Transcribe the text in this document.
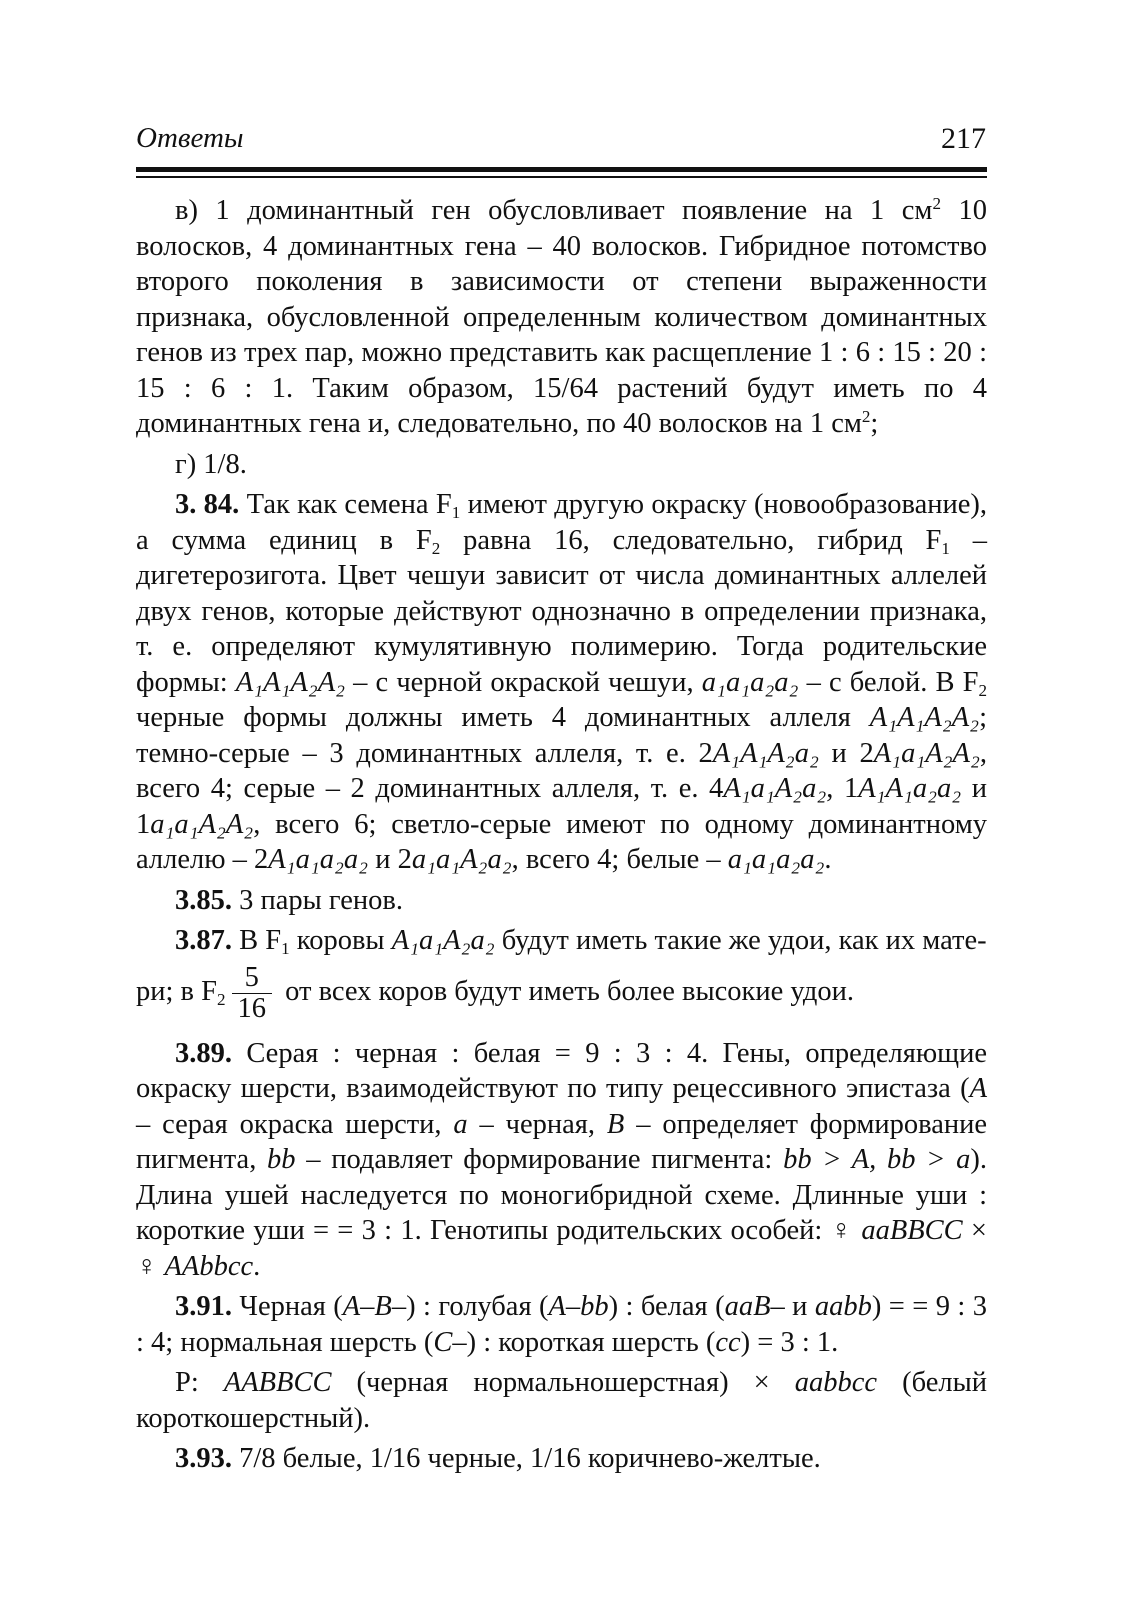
Ответы	217

в) 1 доминантный ген обусловливает появление на 1 $см^2$ 10 волосков, 4 доминантных гена – 40 волосков. Гибридное потомство второго поколения в зависимости от степени выраженности признака, обусловленной определенным количеством доминантных генов из трех пар, можно представить как расщепление 1 : 6 : 15 : 20 : 15 : 6 : 1. Таким образом, 15/64 растений будут иметь по 4 доминантных гена и, следовательно, по 40 волосков на 1 $см^2$;

г) 1/8.

3. 84. Так как семена $F_1$ имеют другую окраску (новообразование), а сумма единиц в $F_2$ равна 16, следовательно, гибрид $F_1$ – дигетерозигота. Цвет чешуи зависит от числа доминантных аллелей двух генов, которые действуют однозначно в определении признака, т. е. определяют кумулятивную полимерию. Тогда родительские формы: A₁A₁A₂A₂ – с черной окраской чешуи, a₁a₁a₂a₂ – с белой. В $F_2$ черные формы должны иметь 4 доминантных аллеля A₁A₁A₂A₂; темно-серые – 3 доминантных аллеля, т. е. 2A₁A₁A₂a₂ и 2A₁a₁A₂A₂, всего 4; серые – 2 доминантных аллеля, т. е. 4A₁a₁A₂a₂, 1A₁A₁a₂a₂ и 1a₁a₁A₂A₂, всего 6; светло-серые имеют по одному доминантному аллелю – 2A₁a₁a₂a₂ и 2a₁a₁A₂a₂, всего 4; белые – a₁a₁a₂a₂.

3.85. 3 пары генов.

3.87. В $F_1$ коровы A₁a₁A₂a₂ будут иметь такие же удои, как их мате-

ри; в $F_2 \frac{5}{16}$ от всех коров будут иметь более высокие удои.

3.89. Серая : черная : белая = 9 : 3 : 4. Гены, определяющие окраску шерсти, взаимодействуют по типу рецессивного эпистаза (A – серая окраска шерсти, a – черная, B – определяет формирование пигмента, bb – подавляет формирование пигмента: bb > A, bb > a). Длина ушей наследуется по моногибридной схеме. Длинные уши : короткие уши = = 3 : 1. Генотипы родительских особей: ♀ aaBBCC × ♀ AAbbcc.

3.91. Черная (A–B–) : голубая (A–bb) : белая (aaB– и aabb) = = 9 : 3 : 4; нормальная шерсть (C–) : короткая шерсть (cc) = 3 : 1.

P: AABBCC (черная нормальношерстная) × aabbcc (белый короткошерстный).

3.93. 7/8 белые, 1/16 черные, 1/16 коричнево-желтые.
